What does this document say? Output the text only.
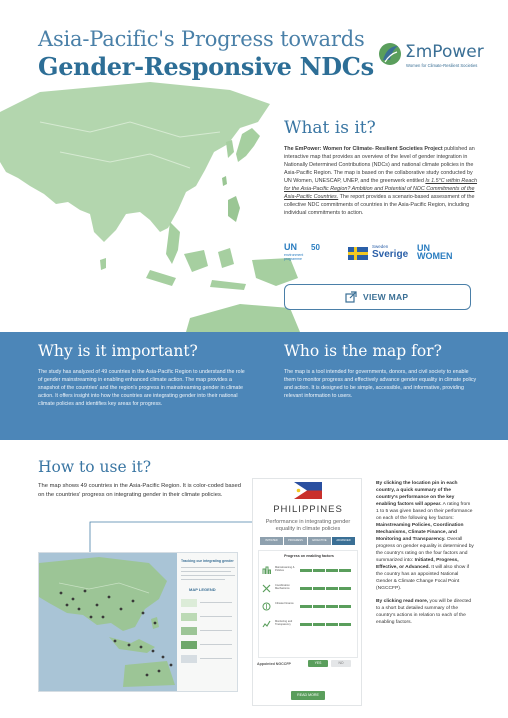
Asia-Pacific's Progress towards
Gender-Responsive NDCs ΣmPower
Women for Climate-Resilient Societies
What is it?
The EmPower: Women for Climate- Resilient Societies Project published an interactive map that provides an overview of the level of gender integration in Nationally Determined Contributions (NDCs) and national climate policies in the Asia-Pacific Region. The map is based on the collaborative study conducted by UN Women, UNESCAP, UNEP, and the greenwerk entitled Is 1.5°C within Reach for the Asia-Pacific Region? Ambition and Potential of NDC Commitments of the Asia-Pacific Countries. The report provides a scenario-based assessment of the collective NDC commitments of countries in the Asia-Pacific Region, including individual commitments to action.
UN
environment programme
50	Sweden
Sverige
UN
WOMEN
VIEW MAP
Why is it important?
The study has analyzed of 49 countries in the Asia-Pacific Region to understand the role of gender mainstreaming in enabling enhanced climate action. The map provides a snapshot of the countries' and the region's progress in mainstreaming gender in climate action. It offers insight into how the countries are integrating gender into their national climate policies and identifies key areas for progress.
Who is the map for?
The map is a tool intended for governments, donors, and civil society to enable them to monitor progress and effectively advance gender equality in climate policy and action. It is designed to be simple, accessible, and informative, providing relevant information to users.
How to use it?
The map shows 49 countries in the Asia-Pacific Region. It is color-coded based on the countries' progress on integrating gender in their climate policies.
Tracking our integrating gender
MAP LEGEND
PHILIPPINES
Performance in integrating gender equality in climate policies
INITIATED	PROGRESS	EFFECTIVE	ADVANCED
Progress on enabling factors
Mainstreaming & Policies
Coordination Mechanisms
Climate Finance
Monitoring and Transparency
Appointed NGCCFP	YES	NO
READ MORE

By clicking the location pin in each country, a quick summary of the country's performance on the key enabling factors will appear. A rating from 1 to 5 was given based on their performance on each of the following key factors: Mainstreaming Policies, Coordination Mechanisms, Climate Finance, and Monitoring and Transparency. Overall progress on gender equality is determined by the country's rating on the four factors and summarized into: Initiated, Progress, Effective, or Advanced. It will also show if the country has an appointed National Gender & Climate Change Focal Point (NGCCFP).

By clicking read more, you will be directed to a short but detailed summary of the country's actions in relation to each of the enabling factors.
